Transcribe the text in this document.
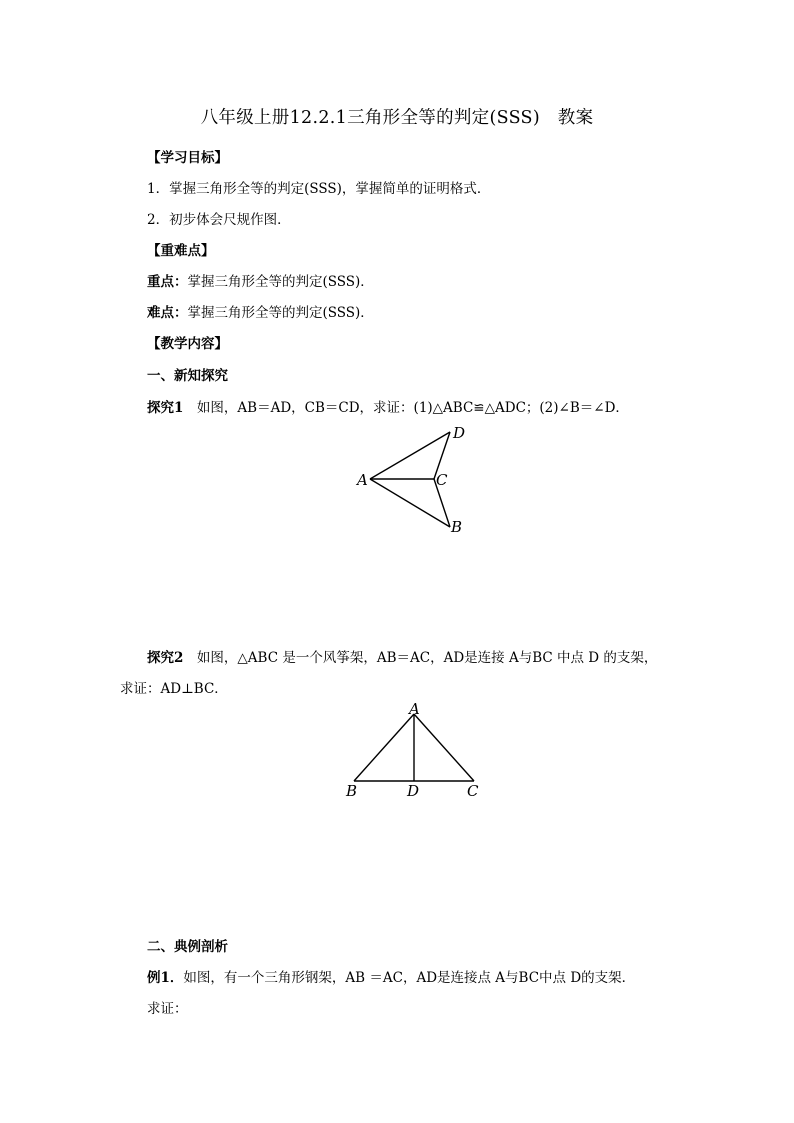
八年级上册12.2.1三角形全等的判定(SSS)　教案
【学习目标】
1．掌握三角形全等的判定(SSS)，掌握简单的证明格式．
2．初步体会尺规作图．
【重难点】
重点：掌握三角形全等的判定(SSS)．
难点：掌握三角形全等的判定(SSS)．
【教学内容】
一、新知探究
探究1　如图，AB＝AD，CB＝CD，求证：(1)△ABC≌△ADC；(2)∠B＝∠D．
A
D
C
B
探究2　如图，△ABC 是一个风筝架，AB＝AC，AD是连接 A与BC 中点 D 的支架，
求证：AD⊥BC．
A
B	D	C
二、典例剖析
例1．如图，有一个三角形钢架，AB ＝AC，AD是连接点 A与BC中点 D的支架．
求证：
